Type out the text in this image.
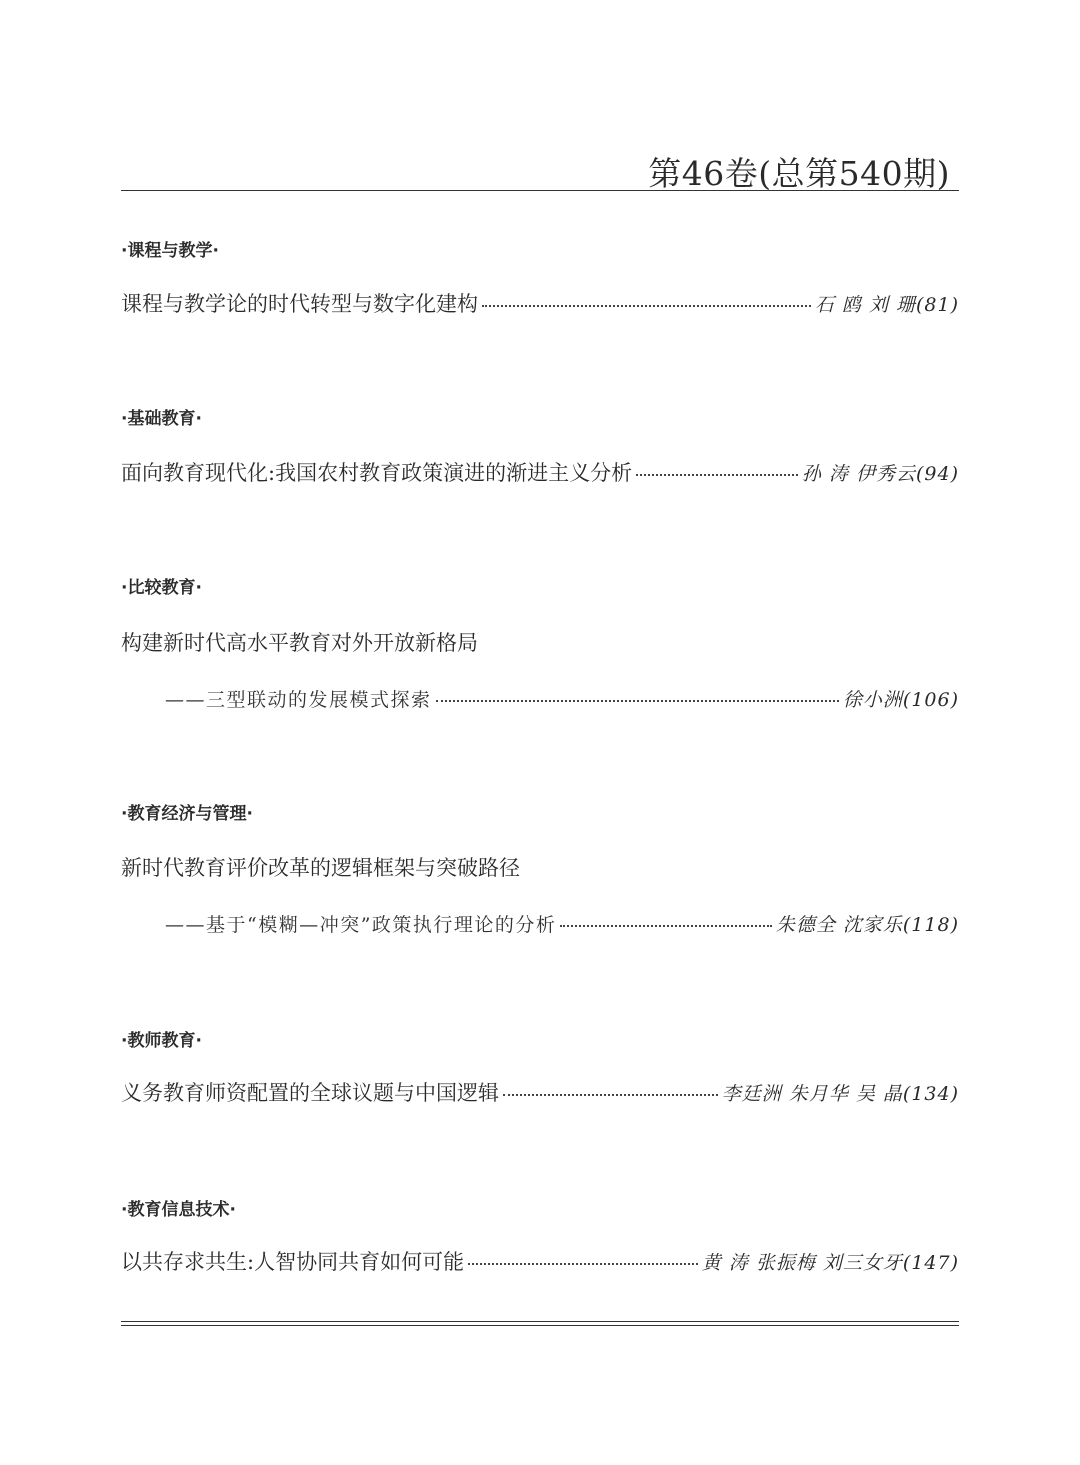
第46卷(总第540期)
·课程与教学·
课程与教学论的时代转型与数字化建构	石 鸥 刘 珊(81)
·基础教育·
面向教育现代化:我国农村教育政策演进的渐进主义分析	孙 涛 伊秀云(94)
·比较教育·
构建新时代高水平教育对外开放新格局
——三型联动的发展模式探索	徐小洲(106)
·教育经济与管理·
新时代教育评价改革的逻辑框架与突破路径
——基于“模糊—冲突”政策执行理论的分析	朱德全 沈家乐(118)
·教师教育·
义务教育师资配置的全球议题与中国逻辑	李廷洲 朱月华 吴 晶(134)
·教育信息技术·
以共存求共生:人智协同共育如何可能	黄 涛 张振梅 刘三女牙(147)
